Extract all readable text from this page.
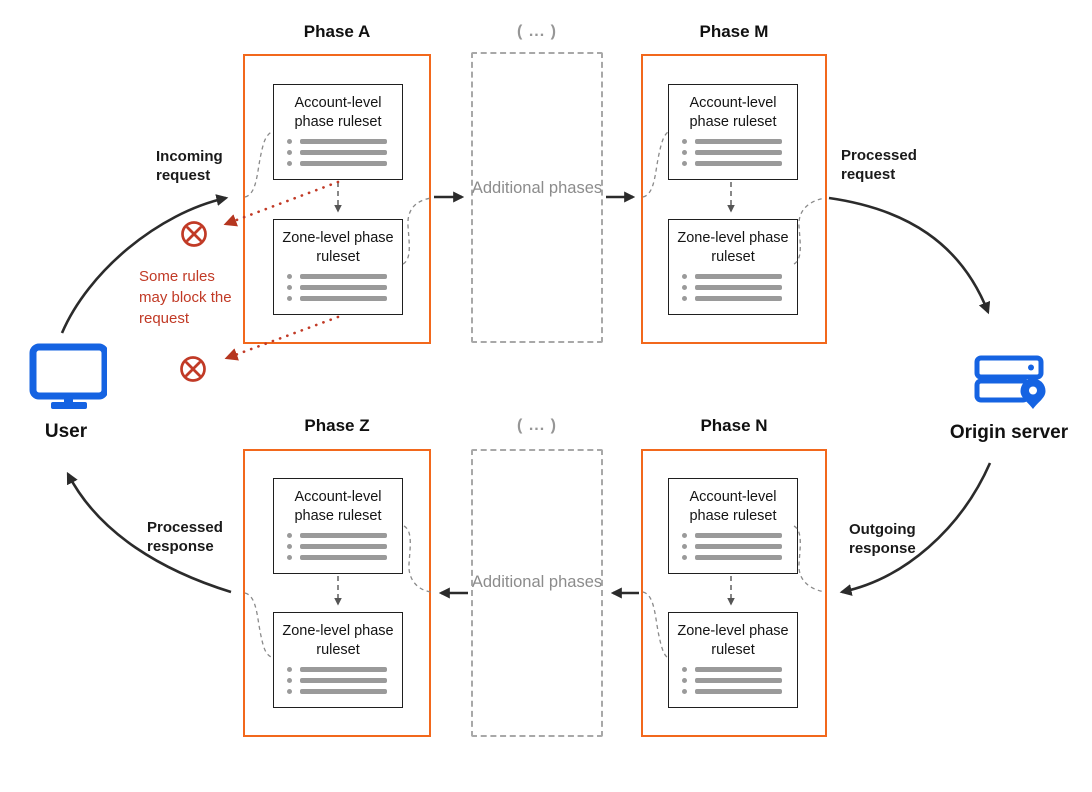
Phase A	Phase M
Phase Z	Phase N
( ... )
( ... )
Additional phases
Additional phases
Account-level phase ruleset
Zone-level phase ruleset
Account-level phase ruleset
Zone-level phase ruleset
Account-level phase ruleset
Zone-level phase ruleset
Account-level phase ruleset
Zone-level phase ruleset
Incoming request
Processed request
Outgoing response
Processed response
Some rules may block the request
User	Origin server
